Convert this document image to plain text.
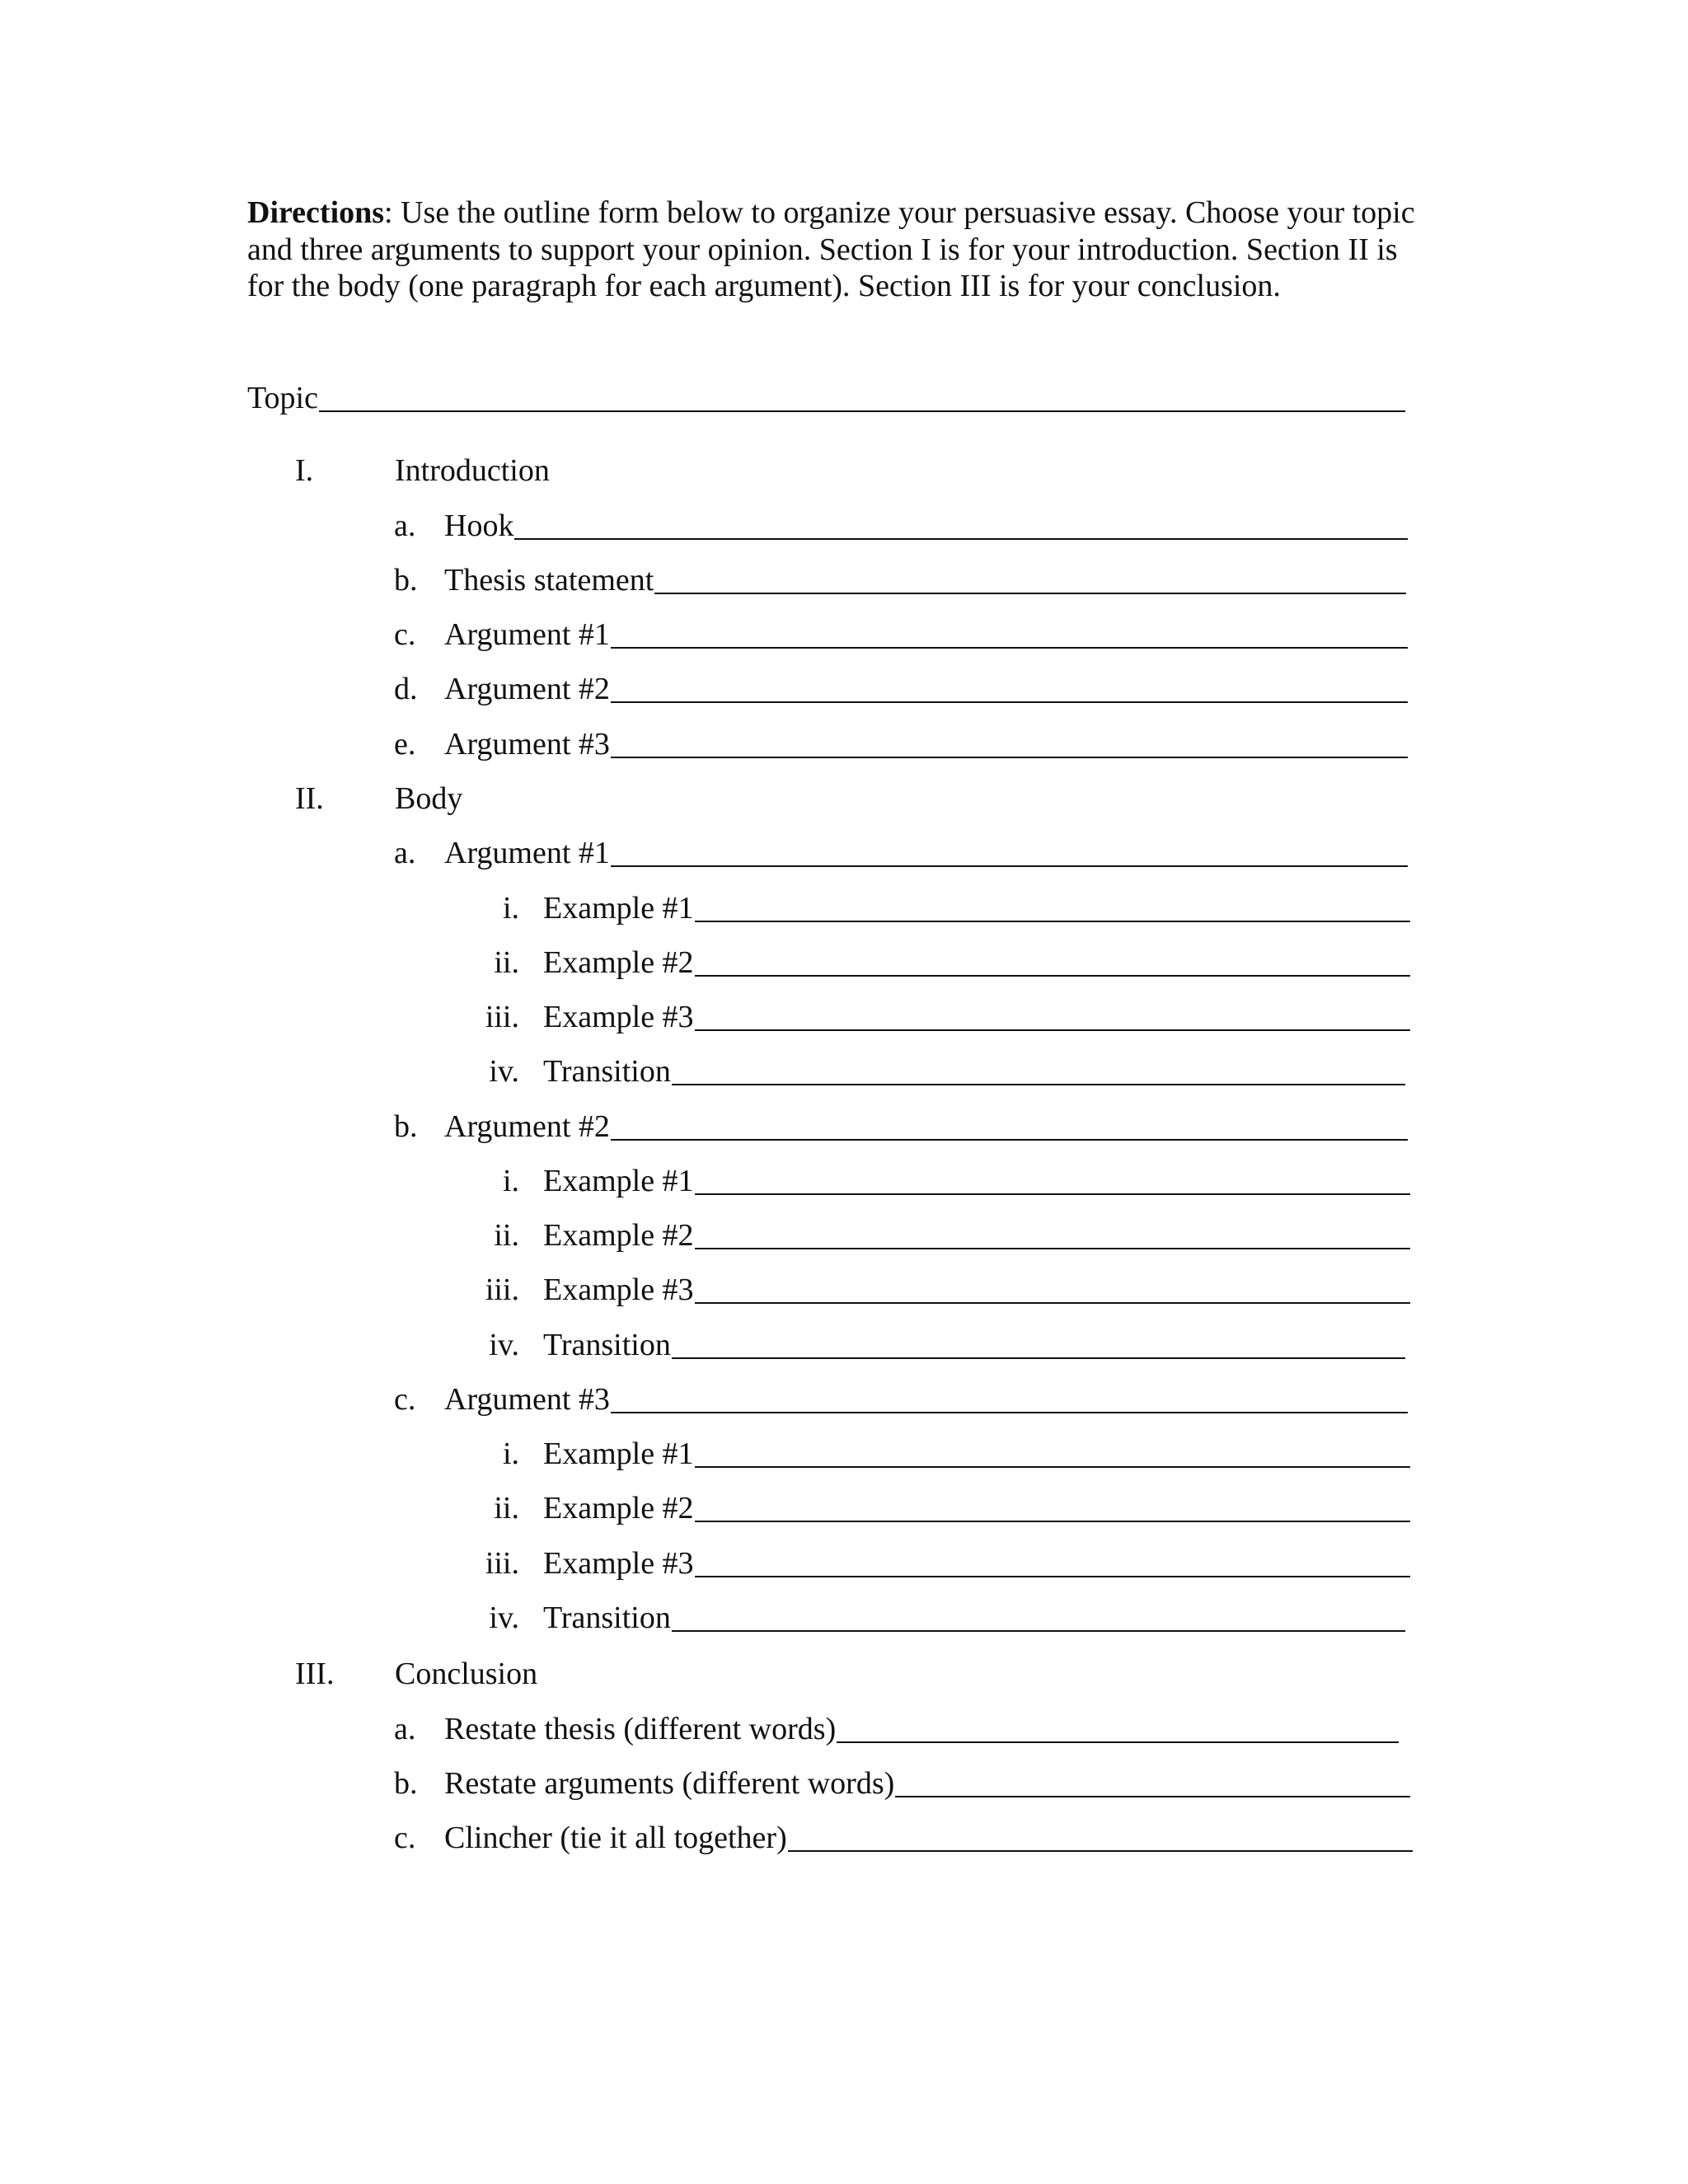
Directions: Use the outline form below to organize your persuasive essay. Choose your topic and three arguments to support your opinion. Section I is for your introduction. Section II is for the body (one paragraph for each argument). Section III is for your conclusion.

Topic
I.	Introduction
a. Hook
b. Thesis statement
c. Argument #1
d. Argument #2
e. Argument #3
II. Body
a. Argument #1
i. Example #1
ii. Example #2
iii. Example #3
iv. Transition
b. Argument #2
i. Example #1
ii. Example #2
iii. Example #3
iv. Transition
c. Argument #3
i. Example #1
ii. Example #2
iii. Example #3
iv. Transition
III. Conclusion
a. Restate thesis (different words)
b. Restate arguments (different words)
c. Clincher (tie it all together)
